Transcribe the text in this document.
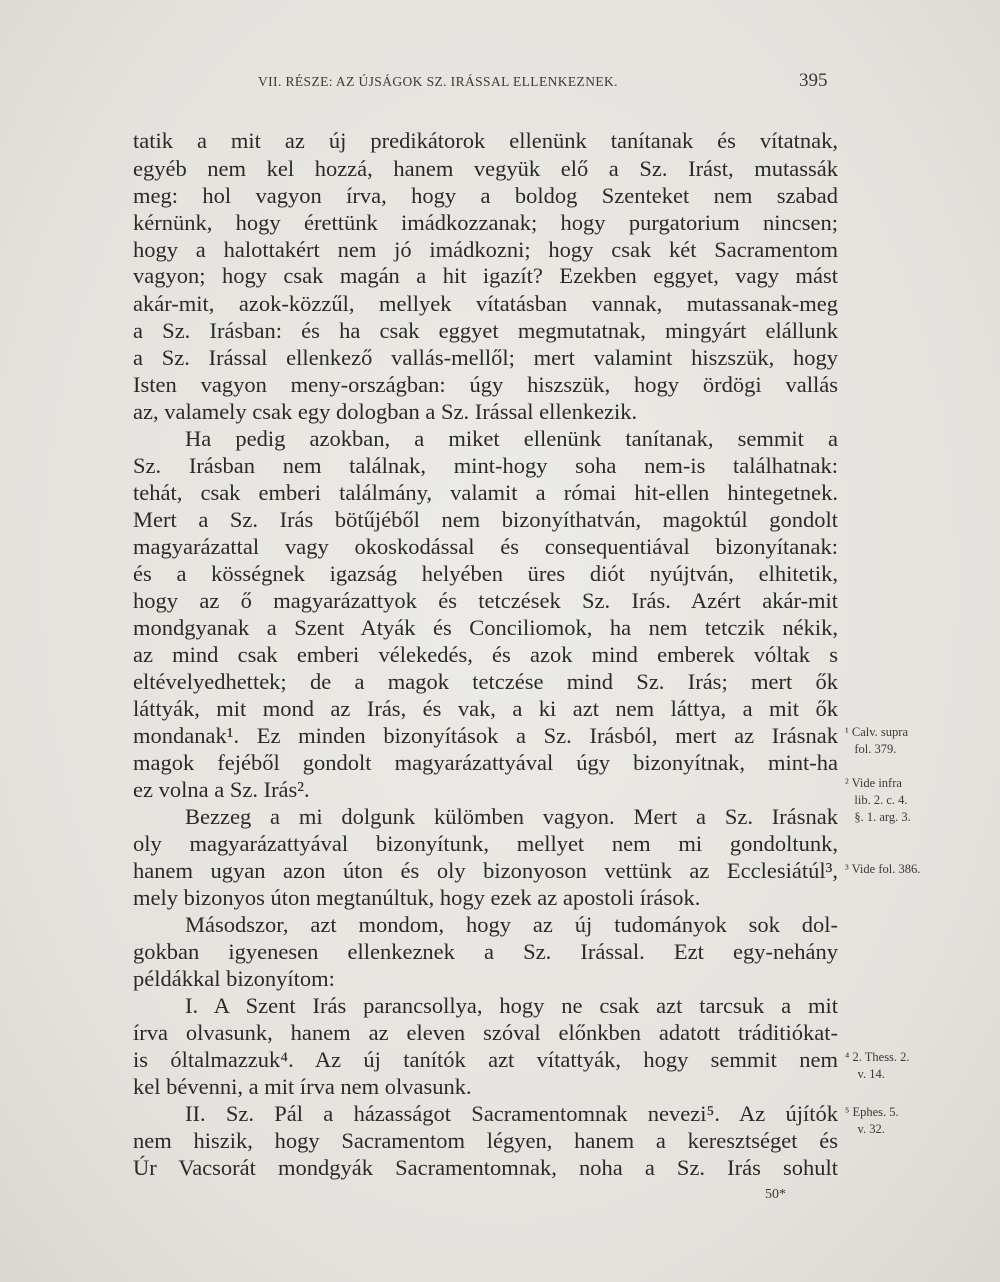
VII. RÉSZE: AZ ÚJSÁGOK SZ. IRÁSSAL ELLENKEZNEK.	395
tatik a mit az új predikátorok ellenünk tanítanak és vítatnak,
egyéb nem kel hozzá, hanem vegyük elő a Sz. Irást, mutassák
meg: hol vagyon írva, hogy a boldog Szenteket nem szabad
kérnünk, hogy érettünk imádkozzanak; hogy purgatorium nincsen;
hogy a halottakért nem jó imádkozni; hogy csak két Sacramentom
vagyon; hogy csak magán a hit igazít? Ezekben eggyet, vagy mást
akár-mit, azok-közzűl, mellyek vítatásban vannak, mutassanak-meg
a Sz. Irásban: és ha csak eggyet megmutatnak, mingyárt elállunk
a Sz. Irással ellenkező vallás-mellől; mert valamint hiszszük, hogy
Isten vagyon meny-országban: úgy hiszszük, hogy ördögi vallás
az, valamely csak egy dologban a Sz. Irással ellenkezik.
Ha pedig azokban, a miket ellenünk tanítanak, semmit a
Sz. Irásban nem találnak, mint-hogy soha nem-is találhatnak:
tehát, csak emberi találmány, valamit a római hit-ellen hintegetnek.
Mert a Sz. Irás bötűjéből nem bizonyíthatván, magoktúl gondolt
magyarázattal vagy okoskodással és consequentiával bizonyítanak:
és a kösségnek igazság helyében üres diót nyújtván, elhitetik,
hogy az ő magyarázattyok és tetczések Sz. Irás. Azért akár-mit
mondgyanak a Szent Atyák és Conciliomok, ha nem tetczik nékik,
az mind csak emberi vélekedés, és azok mind emberek vóltak s
eltévelyedhettek; de a magok tetczése mind Sz. Irás; mert ők
láttyák, mit mond az Irás, és vak, a ki azt nem láttya, a mit ők
mondanak¹. Ez minden bizonyítások a Sz. Irásból, mert az Irásnak
magok fejéből gondolt magyarázattyával úgy bizonyítnak, mint-ha
ez volna a Sz. Irás².
Bezzeg a mi dolgunk külömben vagyon. Mert a Sz. Irásnak
oly magyarázattyával bizonyítunk, mellyet nem mi gondoltunk,
hanem ugyan azon úton és oly bizonyoson vettünk az Ecclesiátúl³,
mely bizonyos úton megtanúltuk, hogy ezek az apostoli írások.
Másodszor, azt mondom, hogy az új tudományok sok dol-
gokban igyenesen ellenkeznek a Sz. Irással. Ezt egy-nehány
példákkal bizonyítom:
I. A Szent Irás parancsollya, hogy ne csak azt tarcsuk a mit
írva olvasunk, hanem az eleven szóval előnkben adatott tráditiókat-
is óltalmazzuk⁴. Az új tanítók azt vítattyák, hogy semmit nem
kel bévenni, a mit írva nem olvasunk.
II. Sz. Pál a házasságot Sacramentomnak nevezi⁵. Az újítók
nem hiszik, hogy Sacramentom légyen, hanem a keresztséget és
Úr Vacsorát mondgyák Sacramentomnak, noha a Sz. Irás sohult
¹ Calv. supra
fol. 379.
² Vide infra
lib. 2. c. 4.
§. 1. arg. 3.
³ Vide fol. 386.
⁴ 2. Thess. 2.
v. 14.
⁵ Ephes. 5.
v. 32.
50*
